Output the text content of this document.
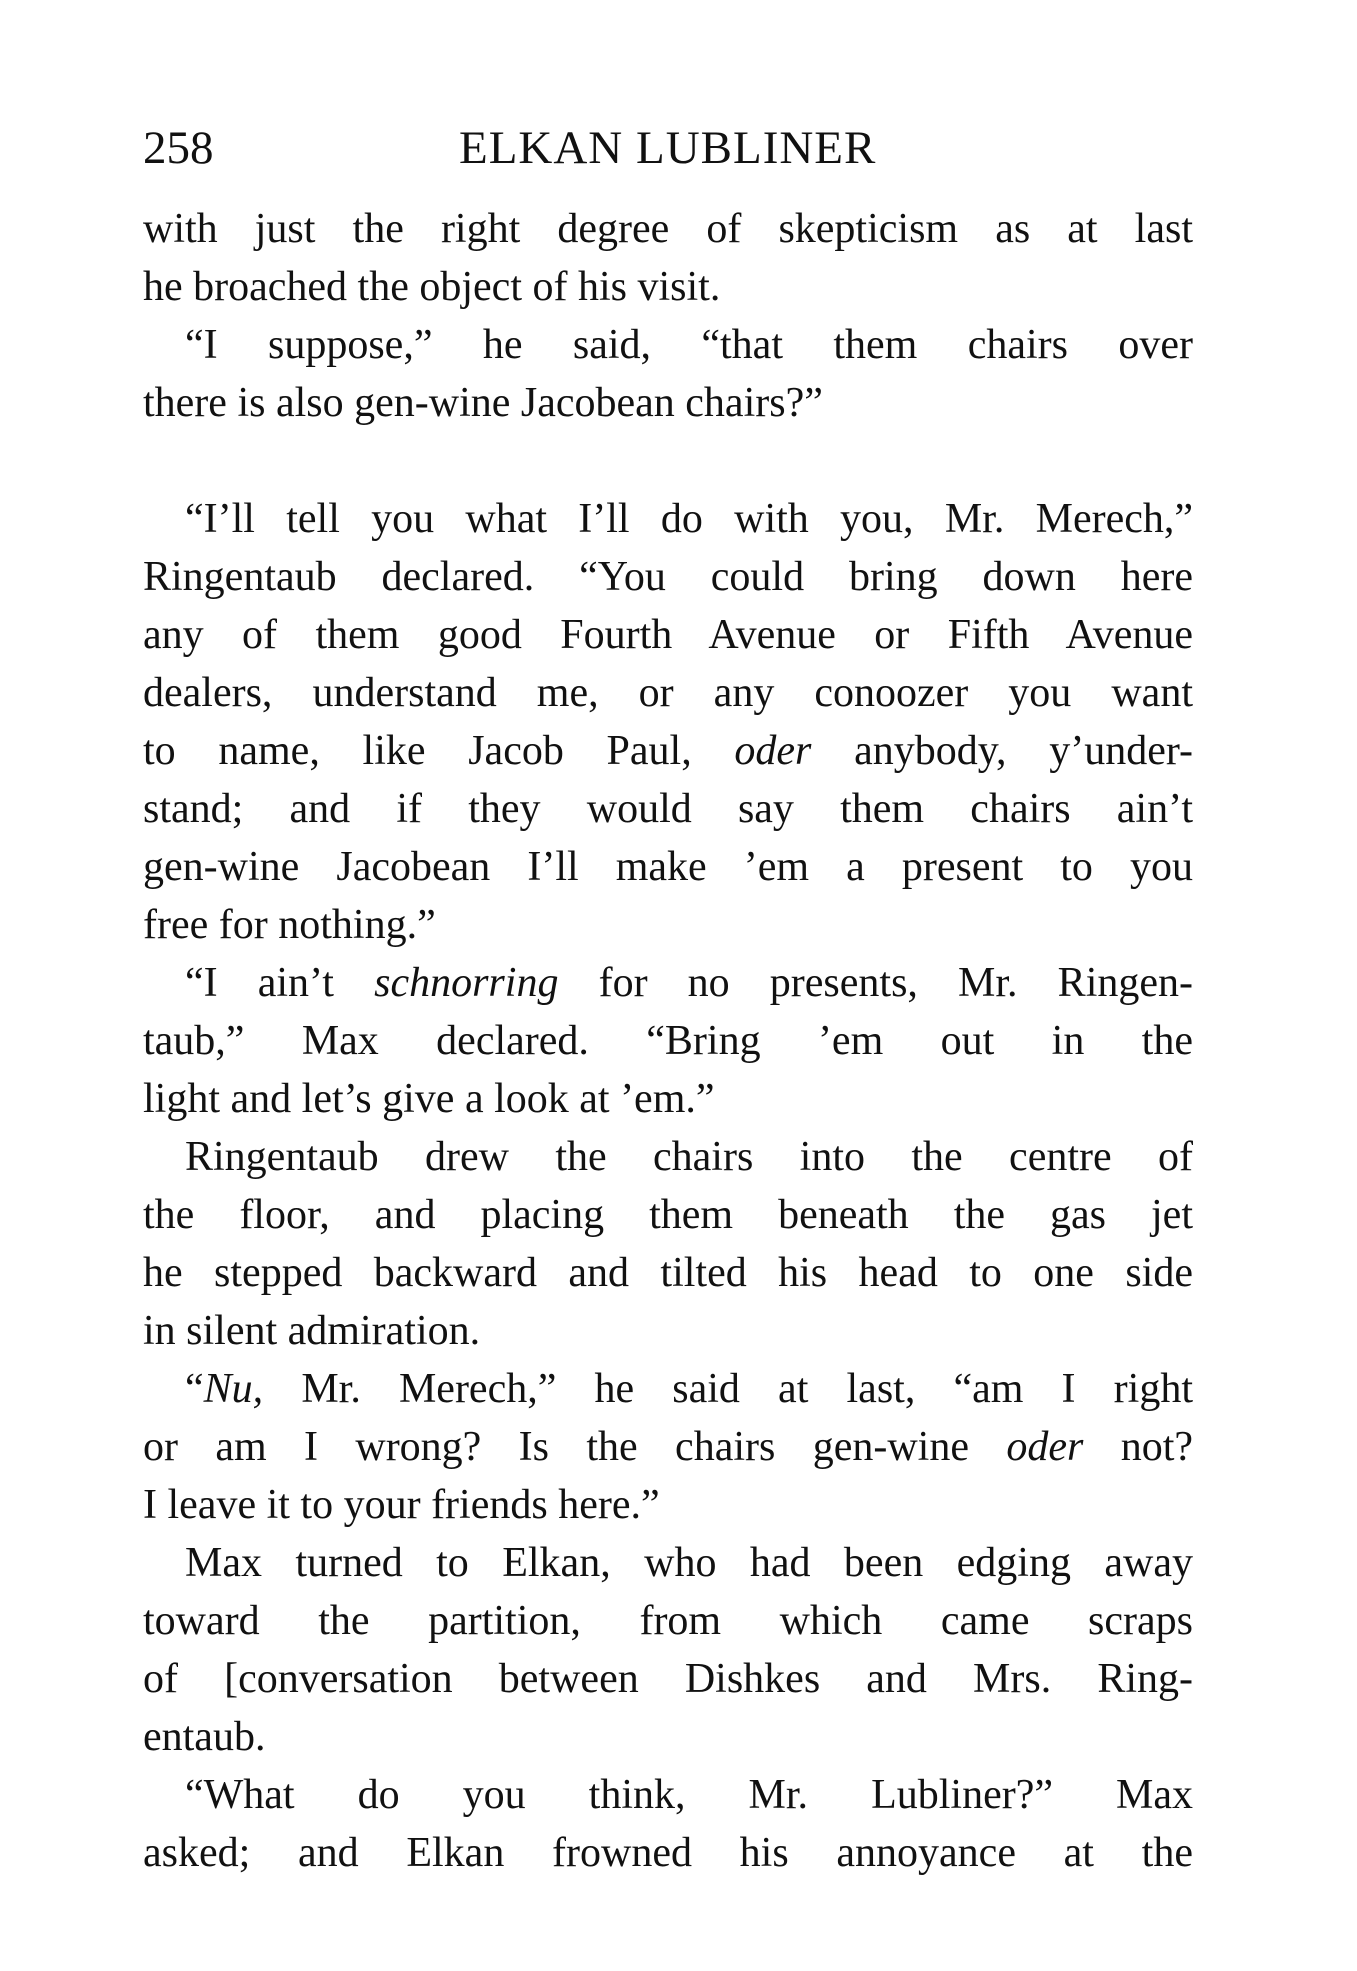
258	ELKAN LUBLINER
with just the right degree of skepticism as at last
he broached the object of his visit.
“I suppose,” he said, “that them chairs over
there is also gen-wine Jacobean chairs?”
“I’ll tell you what I’ll do with you, Mr. Merech,”
Ringentaub declared. “You could bring down here
any of them good Fourth Avenue or Fifth Avenue
dealers, understand me, or any conoozer you want
to name, like Jacob Paul, oder anybody, y’under-
stand; and if they would say them chairs ain’t
gen-wine Jacobean I’ll make ’em a present to you
free for nothing.”
“I ain’t schnorring for no presents, Mr. Ringen-
taub,” Max declared. “Bring ’em out in the
light and let’s give a look at ’em.”
Ringentaub drew the chairs into the centre of
the floor, and placing them beneath the gas jet
he stepped backward and tilted his head to one side
in silent admiration.
“Nu, Mr. Merech,” he said at last, “am I right
or am I wrong? Is the chairs gen-wine oder not?
I leave it to your friends here.”
Max turned to Elkan, who had been edging away
toward the partition, from which came scraps
of [conversation between Dishkes and Mrs. Ring-
entaub.
“What do you think, Mr. Lubliner?” Max
asked; and Elkan frowned his annoyance at the
